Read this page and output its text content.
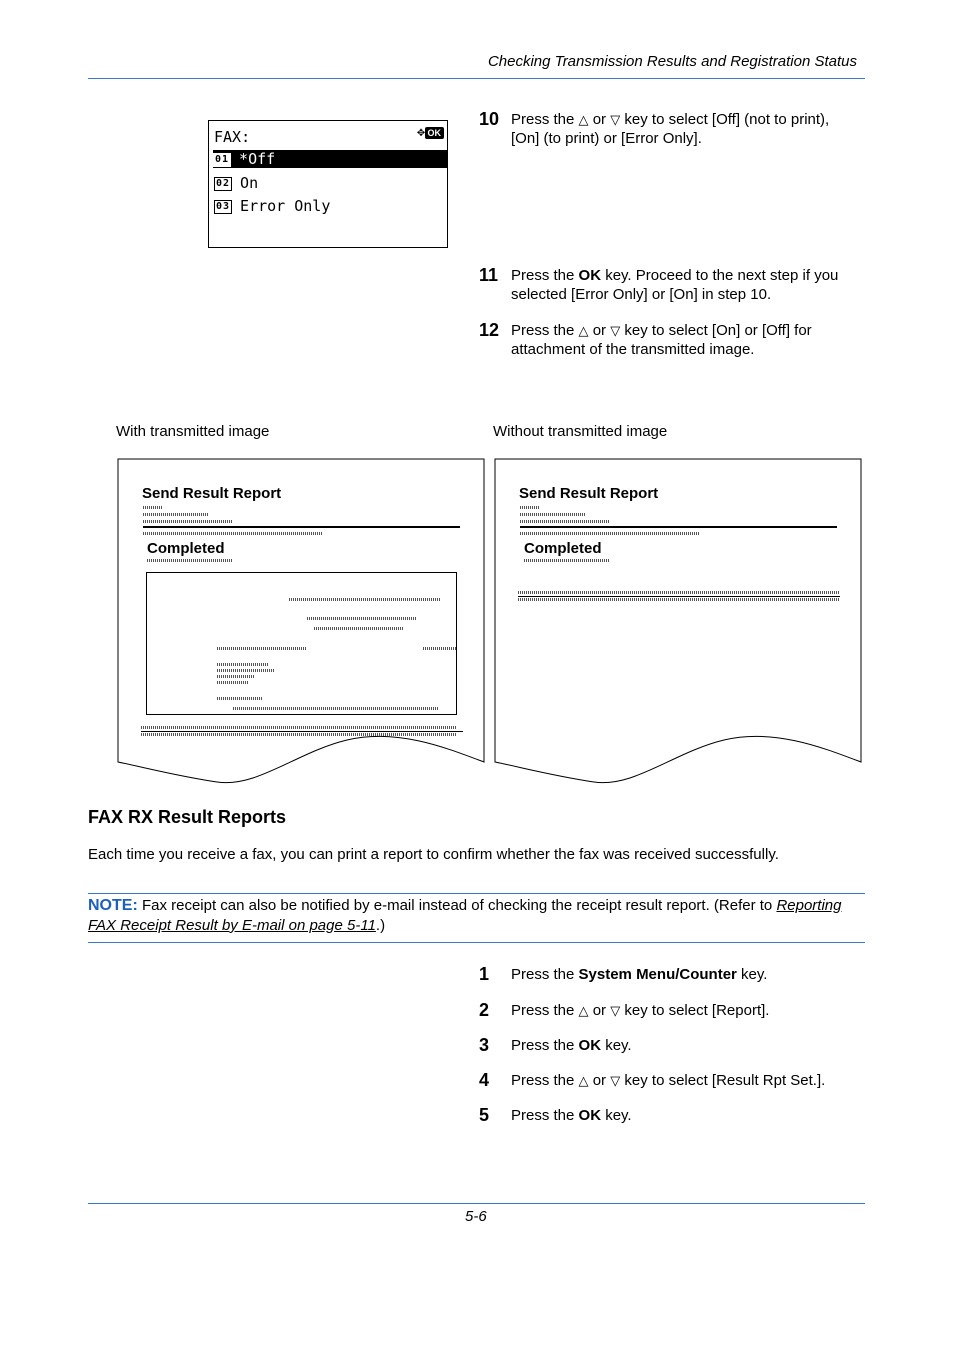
Checking Transmission Results and Registration Status
FAX:	✥ OK
01 *Off
02 On
03 Error Only
10 Press the △ or ▽ key to select [Off] (not to print),
[On] (to print) or [Error Only].
11 Press the OK key. Proceed to the next step if you
selected [Error Only] or [On] in step 10.
12 Press the △ or ▽ key to select [On] or [Off] for
attachment of the transmitted image.
With transmitted image	Without transmitted image
Send Result Report
Completed
Send Result Report
Completed
FAX RX Result Reports
Each time you receive a fax, you can print a report to confirm whether the fax was received successfully.
NOTE: Fax receipt can also be notified by e-mail instead of checking the receipt result report. (Refer to Reporting FAX Receipt Result by E-mail on page 5-11.)
1 Press the System Menu/Counter key.
2 Press the △ or ▽ key to select [Report].
3 Press the OK key.
4 Press the △ or ▽ key to select [Result Rpt Set.].
5 Press the OK key.
5-6
